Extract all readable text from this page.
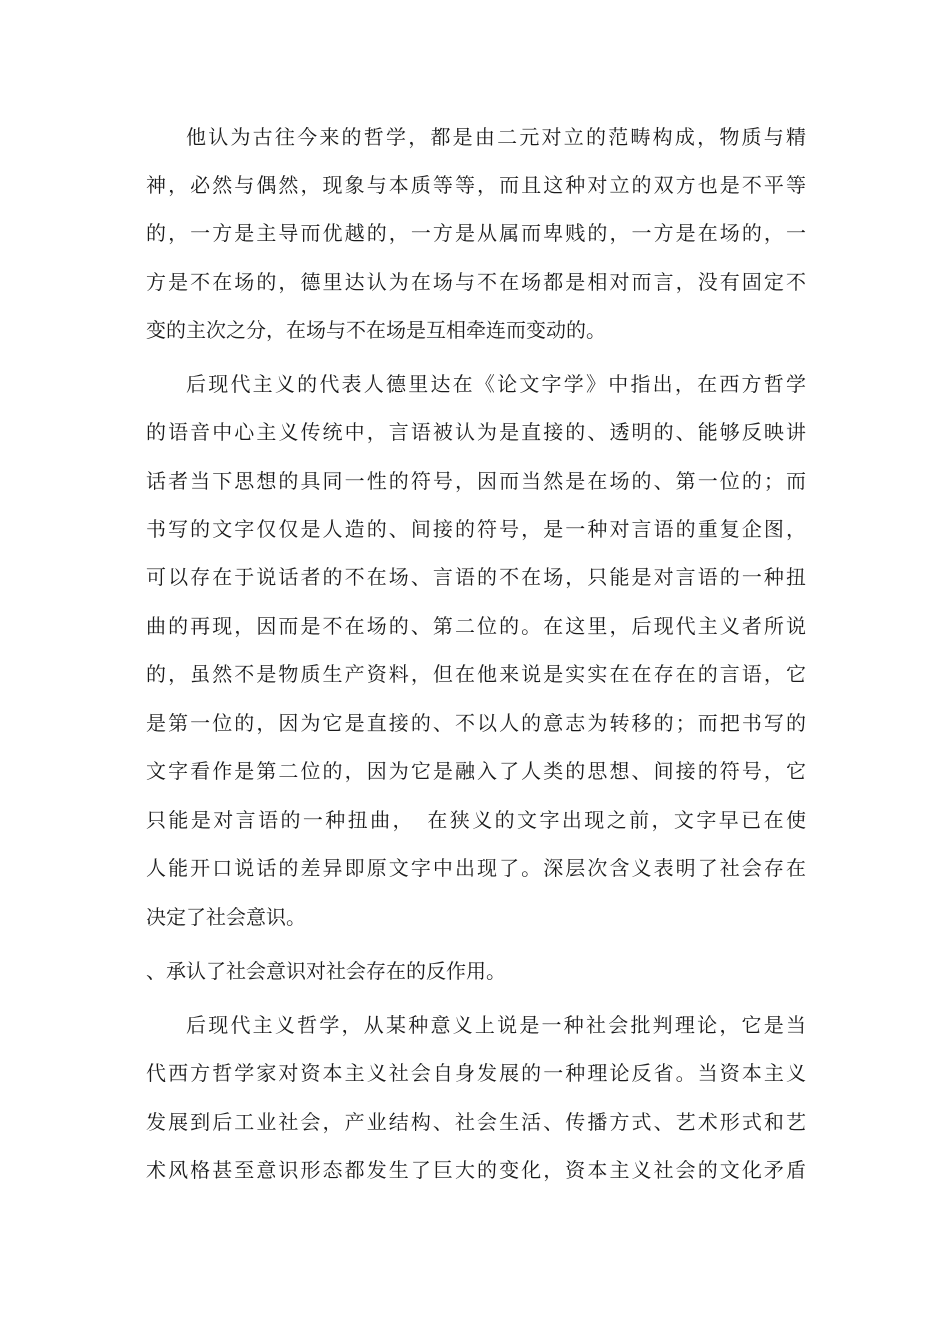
他认为古往今来的哲学，都是由二元对立的范畴构成，物质与精
神，必然与偶然，现象与本质等等，而且这种对立的双方也是不平等
的，一方是主导而优越的，一方是从属而卑贱的，一方是在场的，一
方是不在场的，德里达认为在场与不在场都是相对而言，没有固定不
变的主次之分，在场与不在场是互相牵连而变动的。
后现代主义的代表人德里达在《论文字学》中指出，在西方哲学
的语音中心主义传统中，言语被认为是直接的、透明的、能够反映讲
话者当下思想的具同一性的符号，因而当然是在场的、第一位的；而
书写的文字仅仅是人造的、间接的符号，是一种对言语的重复企图，
可以存在于说话者的不在场、言语的不在场，只能是对言语的一种扭
曲的再现，因而是不在场的、第二位的。在这里，后现代主义者所说
的，虽然不是物质生产资料，但在他来说是实实在在存在的言语，它
是第一位的，因为它是直接的、不以人的意志为转移的；而把书写的
文字看作是第二位的，因为它是融入了人类的思想、间接的符号，它
只能是对言语的一种扭曲，　在狭义的文字出现之前，文字早已在使
人能开口说话的差异即原文字中出现了。深层次含义表明了社会存在
决定了社会意识。
、承认了社会意识对社会存在的反作用。
后现代主义哲学，从某种意义上说是一种社会批判理论，它是当
代西方哲学家对资本主义社会自身发展的一种理论反省。当资本主义
发展到后工业社会，产业结构、社会生活、传播方式、艺术形式和艺
术风格甚至意识形态都发生了巨大的变化，资本主义社会的文化矛盾
